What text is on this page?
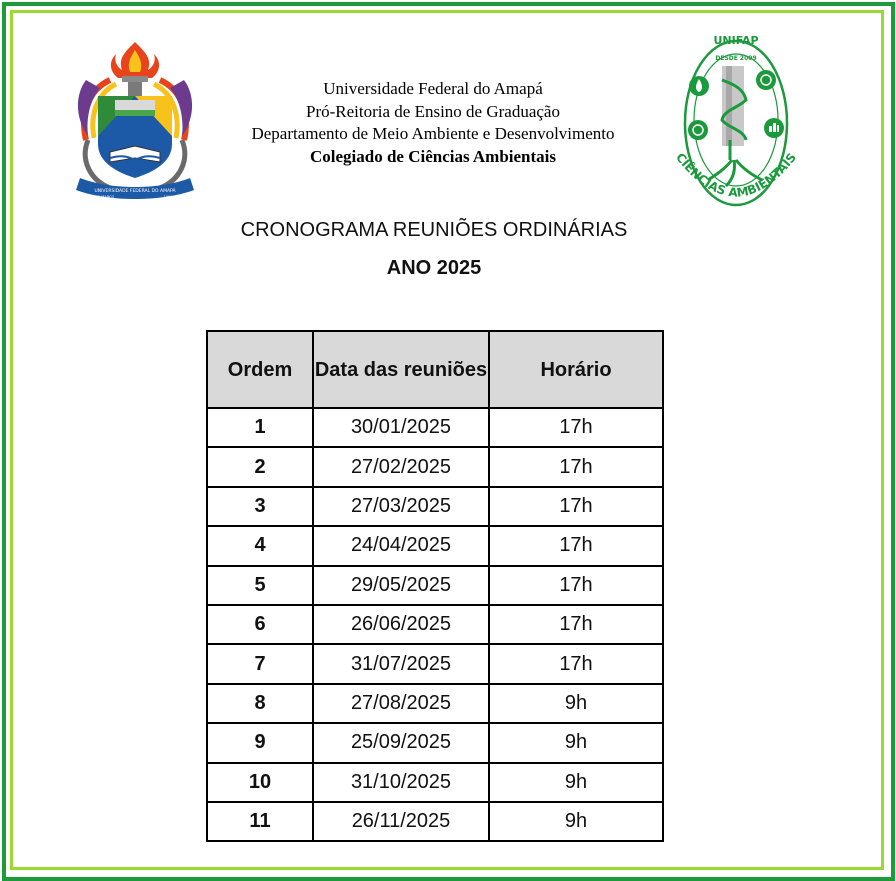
UNIVERSIDADE FEDERAL DO AMAPÁ
02 DE MARÇO	1990
UNIFAP
DESDE 2009
CIÊNCIAS AMBIENTAIS
Universidade Federal do Amapá
Pró-Reitoria de Ensino de Graduação
Departamento de Meio Ambiente e Desenvolvimento
Colegiado de Ciências Ambientais
CRONOGRAMA REUNIÕES ORDINÁRIAS
ANO 2025
Ordem	Data das reuniões	Horário
1	30/01/2025	17h
2	27/02/2025	17h
3	27/03/2025	17h
4	24/04/2025	17h
5	29/05/2025	17h
6	26/06/2025	17h
7	31/07/2025	17h
8	27/08/2025	9h
9	25/09/2025	9h
10	31/10/2025	9h
11	26/11/2025	9h
